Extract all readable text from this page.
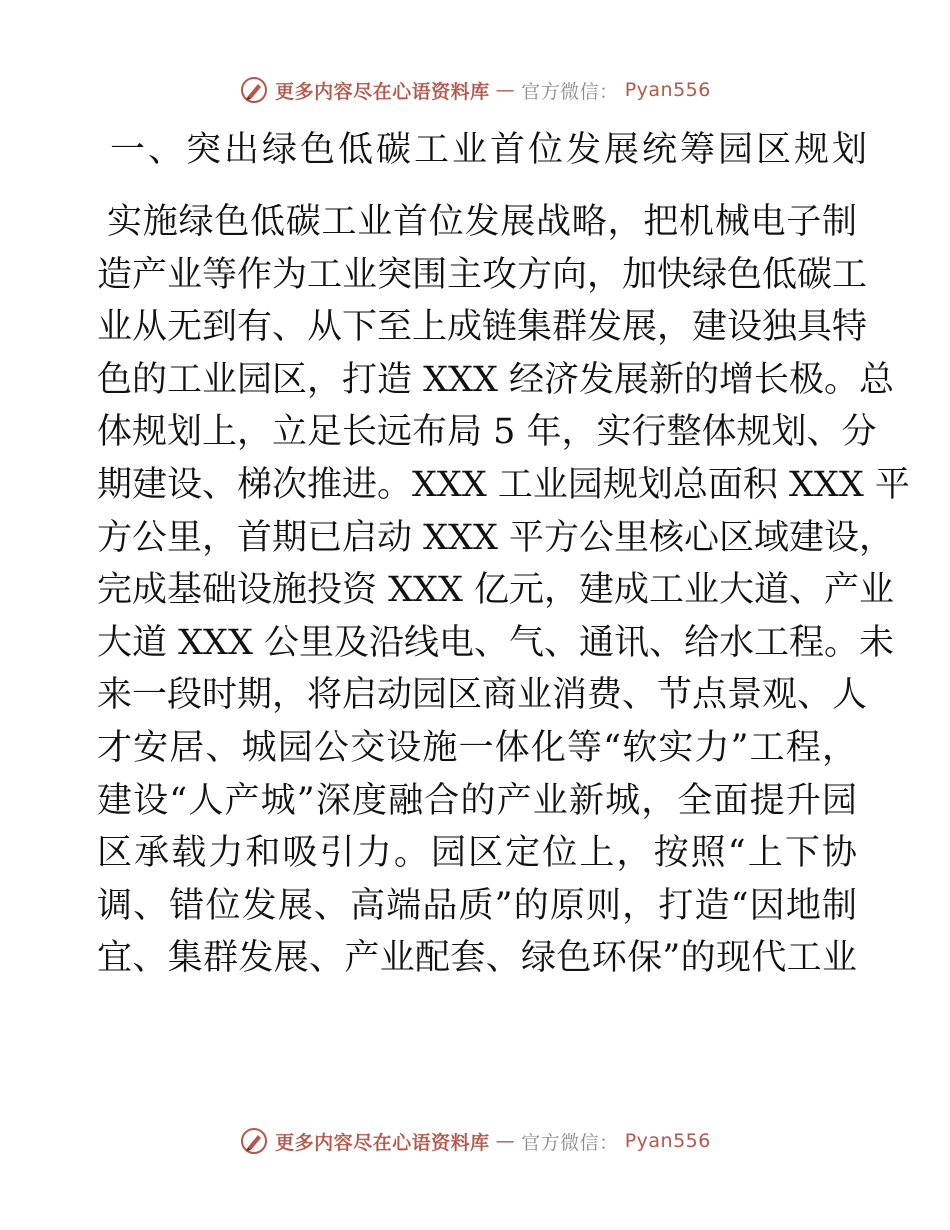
更多内容尽在心语资料库 — 官方微信： Pyan556
一、突出绿色低碳工业首位发展统筹园区规划
实施绿色低碳工业首位发展战略，把机械电子制
造产业等作为工业突围主攻方向，加快绿色低碳工
业从无到有、从下至上成链集群发展，建设独具特
色的工业园区，打造 XXX 经济发展新的增长极。总
体规划上，立足长远布局 5 年，实行整体规划、分
期建设、梯次推进。XXX 工业园规划总面积 XXX 平
方公里，首期已启动 XXX 平方公里核心区域建设，
完成基础设施投资 XXX 亿元，建成工业大道、产业
大道 XXX 公里及沿线电、气、通讯、给水工程。未
来一段时期，将启动园区商业消费、节点景观、人
才安居、城园公交设施一体化等“软实力”工程，
建设“人产城”深度融合的产业新城，全面提升园
区承载力和吸引力。园区定位上，按照“上下协
调、错位发展、高端品质”的原则，打造“因地制
宜、集群发展、产业配套、绿色环保”的现代工业
更多内容尽在心语资料库 — 官方微信： Pyan556
